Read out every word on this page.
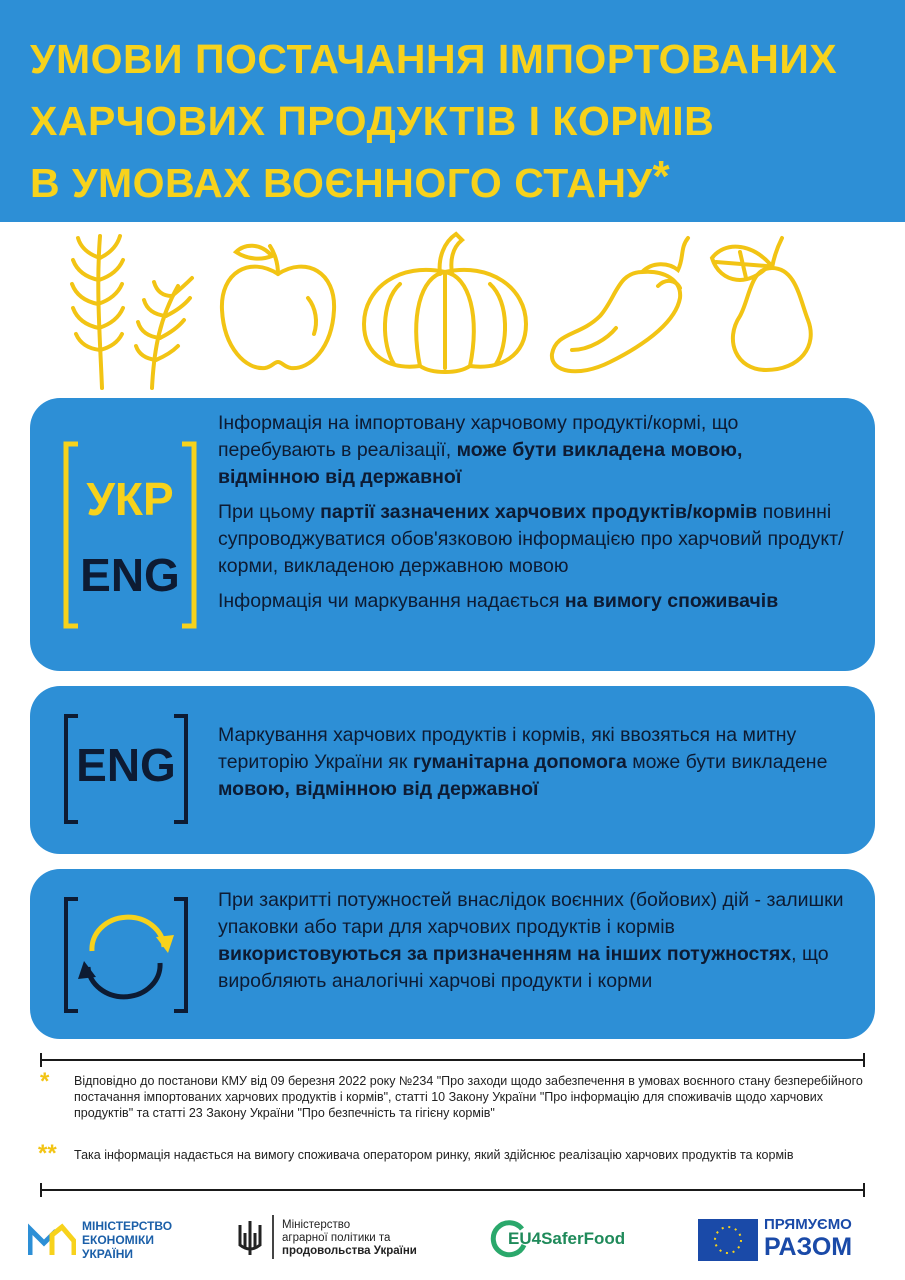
УМОВИ ПОСТАЧАННЯ ІМПОРТОВАНИХ
ХАРЧОВИХ ПРОДУКТІВ І КОРМІВ
В УМОВАХ ВОЄННОГО СТАНУ*
УКР
ENG

Інформація на імпортовану харчовому продукті/кормі, що перебувають в реалізації, може бути викладена мовою, відмінною від державної

При цьому партії зазначених харчових продуктів/кормів повинні супроводжуватися обов'язковою інформацією про харчовий продукт/корми, викладеною державною мовою

Інформація чи маркування надається на вимогу споживачів

ENG

Маркування харчових продуктів і кормів, які ввозяться на митну територію України як гуманітарна допомога може бути викладене мовою, відмінною від державної

При закритті потужностей внаслідок воєнних (бойових) дій - залишки упаковки або тари для харчових продуктів і кормів використовуються за призначенням на інших потужностях, що виробляють аналогічні харчові продукти і корми

* Відповідно до постанови КМУ від 09 березня 2022 року №234 "Про заходи щодо забезпечення в умовах воєнного стану безперебійного постачання імпортованих харчових продуктів і кормів", статті 10 Закону України "Про інформацію для споживачів щодо харчових продуктів" та статті 23 Закону України "Про безпечність та гігієну кормів"
** Така інформація надається на вимогу споживача оператором ринку, який здійснює реалізацію харчових продуктів та кормів
МІНІСТЕРСТВО
ЕКОНОМІКИ
УКРАЇНИ
Міністерство
аграрної політики та
продовольства України
EU4SaferFood
ПРЯМУЄМО
РАЗОМ
